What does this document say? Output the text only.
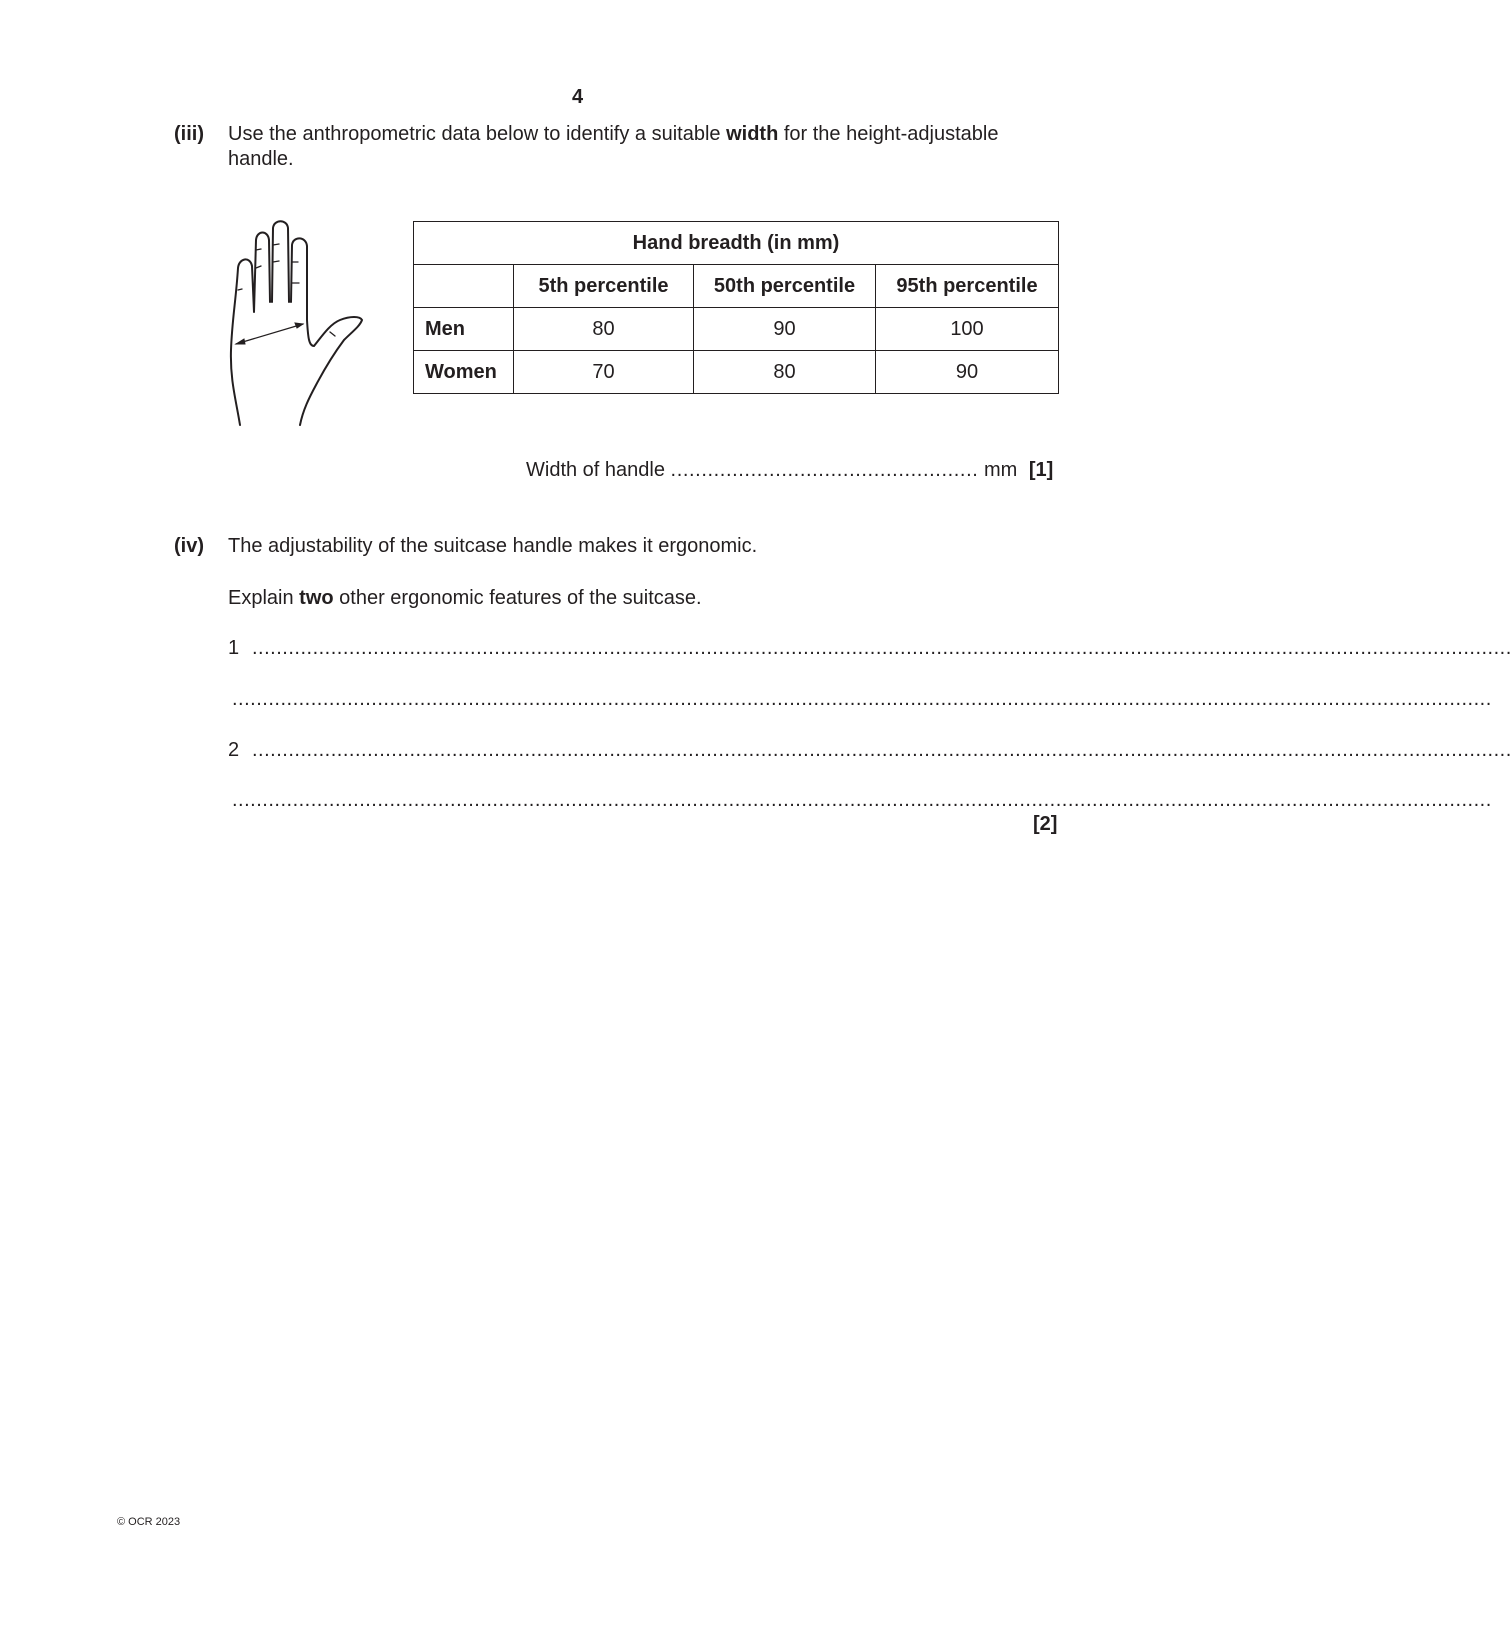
4
(iii) Use the anthropometric data below to identify a suitable width for the height-adjustable
handle.
Hand breadth (in mm)			
	5th percentile	50th percentile	95th percentile
Men	80	90	100
Women	70	80	90
Width of handle .................................................. mm [1]
(iv) The adjustability of the suitcase handle makes it ergonomic.
Explain two other ergonomic features of the suitcase.
1 ................................................................................................................................................................................................................
................................................................................................................................................................................................................
2 ................................................................................................................................................................................................................
................................................................................................................................................................................................................
[2]
© OCR 2023
